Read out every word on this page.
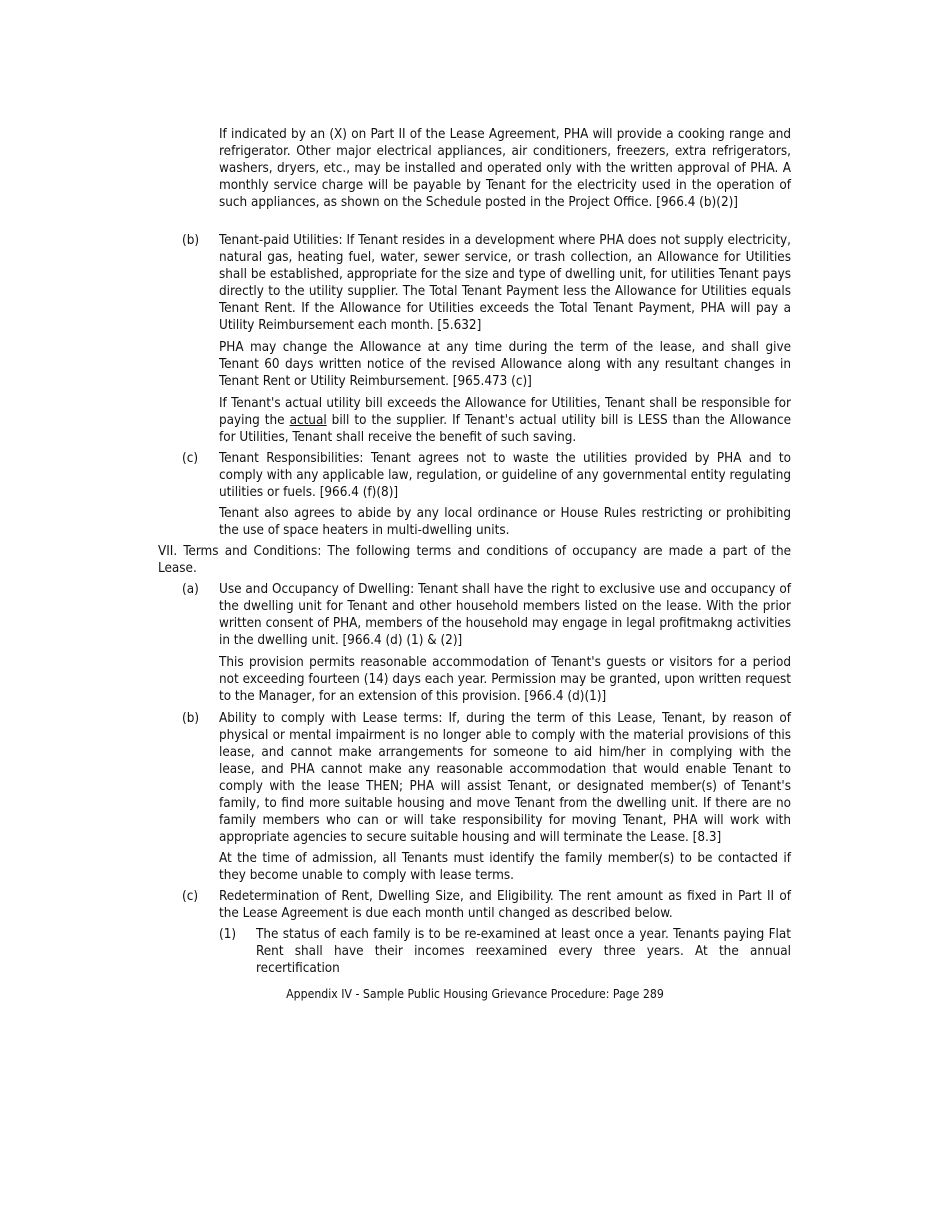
If indicated by an (X) on Part II of the Lease Agreement, PHA will provide a cooking range and refrigerator. Other major electrical appliances, air conditioners, freezers, extra refrigerators, washers, dryers, etc., may be installed and operated only with the written approval of PHA. A monthly service charge will be payable by Tenant for the electricity used in the operation of such appliances, as shown on the Schedule posted in the Project Office. [966.4 (b)(2)]

(b) Tenant-paid Utilities: If Tenant resides in a development where PHA does not supply electricity, natural gas, heating fuel, water, sewer service, or trash collection, an Allowance for Utilities shall be established, appropriate for the size and type of dwelling unit, for utilities Tenant pays directly to the utility supplier. The Total Tenant Payment less the Allowance for Utilities equals Tenant Rent. If the Allowance for Utilities exceeds the Total Tenant Payment, PHA will pay a Utility Reimbursement each month. [5.632]

PHA may change the Allowance at any time during the term of the lease, and shall give Tenant 60 days written notice of the revised Allowance along with any resultant changes in Tenant Rent or Utility Reimbursement. [965.473 (c)]

If Tenant's actual utility bill exceeds the Allowance for Utilities, Tenant shall be responsible for paying the actual bill to the supplier. If Tenant's actual utility bill is LESS than the Allowance for Utilities, Tenant shall receive the benefit of such saving.

(c) Tenant Responsibilities: Tenant agrees not to waste the utilities provided by PHA and to comply with any applicable law, regulation, or guideline of any governmental entity regulating utilities or fuels. [966.4 (f)(8)]

Tenant also agrees to abide by any local ordinance or House Rules restricting or prohibiting the use of space heaters in multi-dwelling units.

VII. Terms and Conditions: The following terms and conditions of occupancy are made a part of the Lease.

(a) Use and Occupancy of Dwelling: Tenant shall have the right to exclusive use and occupancy of the dwelling unit for Tenant and other household members listed on the lease. With the prior written consent of PHA, members of the household may engage in legal profitmakng activities in the dwelling unit. [966.4 (d) (1) & (2)]

This provision permits reasonable accommodation of Tenant's guests or visitors for a period not exceeding fourteen (14) days each year. Permission may be granted, upon written request to the Manager, for an extension of this provision. [966.4 (d)(1)]

(b) Ability to comply with Lease terms: If, during the term of this Lease, Tenant, by reason of physical or mental impairment is no longer able to comply with the material provisions of this lease, and cannot make arrangements for someone to aid him/her in complying with the lease, and PHA cannot make any reasonable accommodation that would enable Tenant to comply with the lease THEN; PHA will assist Tenant, or designated member(s) of Tenant's family, to find more suitable housing and move Tenant from the dwelling unit. If there are no family members who can or will take responsibility for moving Tenant, PHA will work with appropriate agencies to secure suitable housing and will terminate the Lease. [8.3]

At the time of admission, all Tenants must identify the family member(s) to be contacted if they become unable to comply with lease terms.

(c) Redetermination of Rent, Dwelling Size, and Eligibility. The rent amount as fixed in Part II of the Lease Agreement is due each month until changed as described below.

(1) The status of each family is to be re-examined at least once a year. Tenants paying Flat Rent shall have their incomes reexamined every three years. At the annual recertification

Appendix IV - Sample Public Housing Grievance Procedure: Page 289
